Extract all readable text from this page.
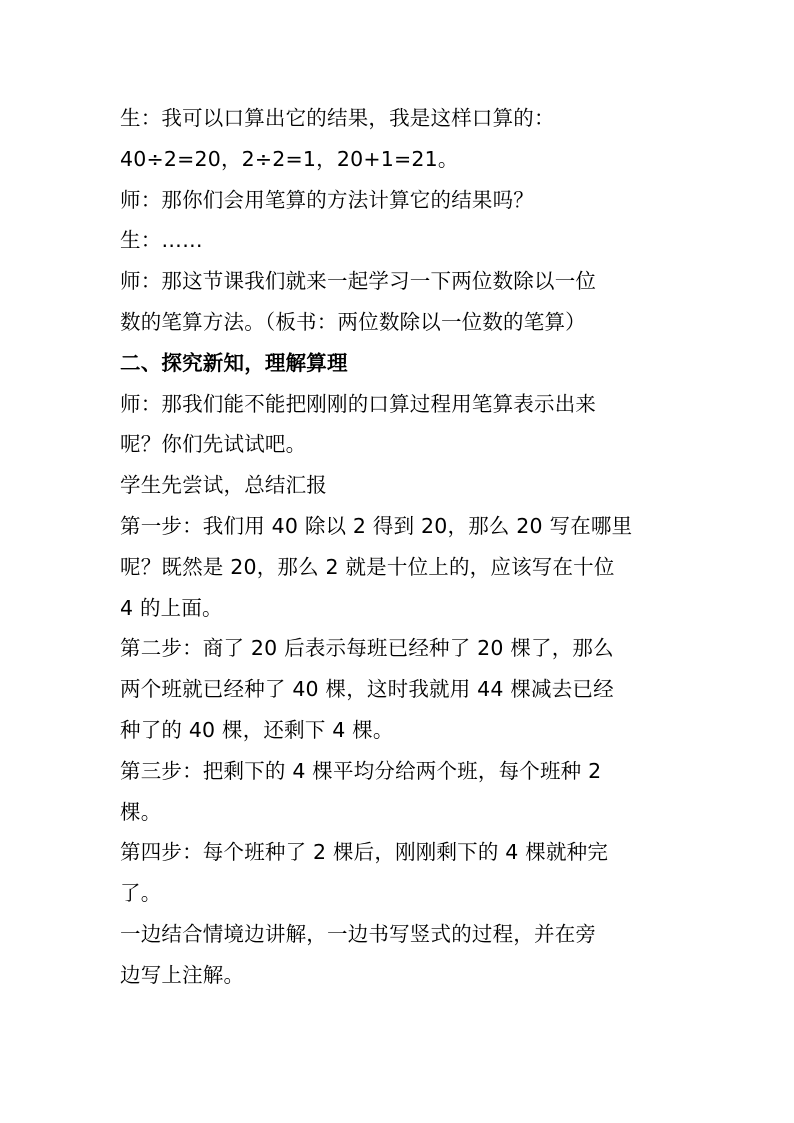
生：我可以口算出它的结果，我是这样口算的：
40÷2=20，2÷2=1，20+1=21。
师：那你们会用笔算的方法计算它的结果吗？
生：……
师：那这节课我们就来一起学习一下两位数除以一位
数的笔算方法。（板书：两位数除以一位数的笔算）
二、探究新知，理解算理
师：那我们能不能把刚刚的口算过程用笔算表示出来
呢？你们先试试吧。
学生先尝试，总结汇报
第一步：我们用 40 除以 2 得到 20，那么 20 写在哪里
呢？既然是 20，那么 2 就是十位上的，应该写在十位
4 的上面。
第二步：商了 20 后表示每班已经种了 20 棵了，那么
两个班就已经种了 40 棵，这时我就用 44 棵减去已经
种了的 40 棵，还剩下 4 棵。
第三步：把剩下的 4 棵平均分给两个班，每个班种 2
棵。
第四步：每个班种了 2 棵后，刚刚剩下的 4 棵就种完
了。
一边结合情境边讲解，一边书写竖式的过程，并在旁
边写上注解。
